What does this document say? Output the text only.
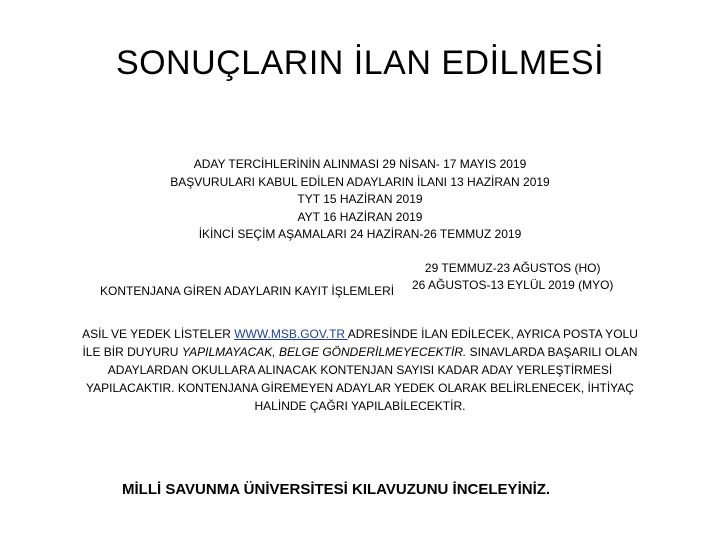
SONUÇLARIN İLAN EDİLMESİ
ADAY TERCİHLERİNİN ALINMASI 29 NİSAN- 17 MAYIS 2019
BAŞVURULARI KABUL EDİLEN ADAYLARIN İLANI 13 HAZİRAN 2019
TYT 15 HAZİRAN 2019
AYT 16 HAZİRAN 2019
İKİNCİ SEÇİM AŞAMALARI 24 HAZİRAN-26 TEMMUZ 2019
KONTENJANA GİREN ADAYLARIN KAYIT İŞLEMLERİ
29 TEMMUZ-23 AĞUSTOS (HO)
26 AĞUSTOS-13 EYLÜL 2019 (MYO)
ASİL VE YEDEK LİSTELER WWW.MSB.GOV.TR ADRESİNDE İLAN EDİLECEK, AYRICA POSTA YOLU İLE BİR DUYURU YAPILMAYACAK, BELGE GÖNDERİLMEYECEKTİR. SINAVLARDA BAŞARILI OLAN ADAYLARDAN OKULLARA ALINACAK KONTENJAN SAYISI KADAR ADAY YERLEŞTİRMESİ YAPILACAKTIR. KONTENJANA GİREMEYEN ADAYLAR YEDEK OLARAK BELİRLENECEK, İHTİYAÇ HALİNDE ÇAĞRI YAPILABİLECEKTİR.
MİLLİ SAVUNMA ÜNİVERSİTESİ KILAVUZUNU İNCELEYİNİZ.
